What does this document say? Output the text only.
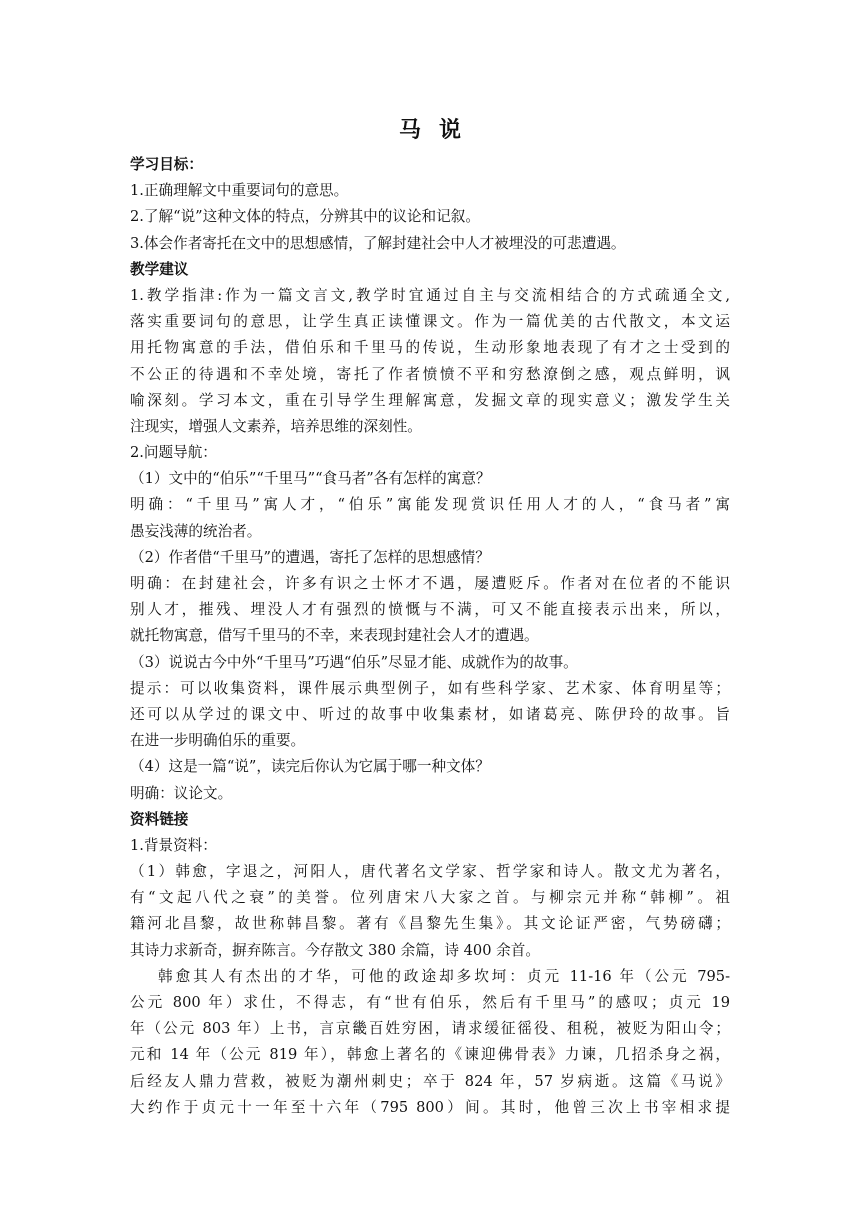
马说
学习目标：
1.正确理解文中重要词句的意思。
2.了解“说”这种文体的特点，分辨其中的议论和记叙。
3.体会作者寄托在文中的思想感情，了解封建社会中人才被埋没的可悲遭遇。
教学建议
1.教学指津:作为一篇文言文,教学时宜通过自主与交流相结合的方式疏通全文,
落实重要词句的意思，让学生真正读懂课文。作为一篇优美的古代散文，本文运
用托物寓意的手法，借伯乐和千里马的传说，生动形象地表现了有才之士受到的
不公正的待遇和不幸处境，寄托了作者愤愤不平和穷愁潦倒之感，观点鲜明，讽
喻深刻。学习本文，重在引导学生理解寓意，发掘文章的现实意义；激发学生关
注现实，增强人文素养，培养思维的深刻性。
2.问题导航：
（1）文中的“伯乐”“千里马”“食马者”各有怎样的寓意？
明确：“千里马”寓人才，“伯乐”寓能发现赏识任用人才的人，“食马者”寓
愚妄浅薄的统治者。
（2）作者借“千里马”的遭遇，寄托了怎样的思想感情？
明确：在封建社会，许多有识之士怀才不遇，屡遭贬斥。作者对在位者的不能识
别人才，摧残、埋没人才有强烈的愤慨与不满，可又不能直接表示出来，所以，
就托物寓意，借写千里马的不幸，来表现封建社会人才的遭遇。
（3）说说古今中外“千里马”巧遇“伯乐”尽显才能、成就作为的故事。
提示：可以收集资料，课件展示典型例子，如有些科学家、艺术家、体育明星等；
还可以从学过的课文中、听过的故事中收集素材，如诸葛亮、陈伊玲的故事。旨
在进一步明确伯乐的重要。
（4）这是一篇“说”，读完后你认为它属于哪一种文体？
明确：议论文。
资料链接
1.背景资料：
（1）韩愈，字退之，河阳人，唐代著名文学家、哲学家和诗人。散文尤为著名，
有“文起八代之衰”的美誉。位列唐宋八大家之首。与柳宗元并称“韩柳”。祖
籍河北昌黎，故世称韩昌黎。著有《昌黎先生集》。其文论证严密，气势磅礴；
其诗力求新奇，摒弃陈言。今存散文 380 余篇，诗 400 余首。
韩愈其人有杰出的才华，可他的政途却多坎坷：贞元 11-16 年（公元 795-
公元 800 年）求仕，不得志，有“世有伯乐，然后有千里马”的感叹；贞元 19
年（公元 803 年）上书，言京畿百姓穷困，请求缓征徭役、租税，被贬为阳山令；
元和 14 年（公元 819 年），韩愈上著名的《谏迎佛骨表》力谏，几招杀身之祸，
后经友人鼎力营救，被贬为潮州刺史；卒于 824 年，57 岁病逝。这篇《马说》
大约作于贞元十一年至十六年（795 800）间。其时，他曾三次上书宰相求提
